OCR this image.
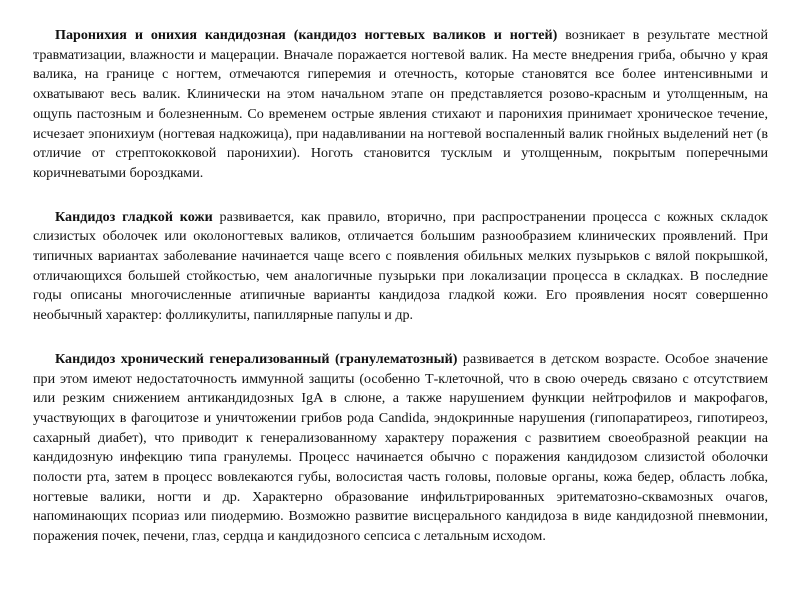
Паронихия и онихия кандидозная (кандидоз ногтевых валиков и ногтей) возникает в результате местной травматизации, влажности и мацерации. Вначале поражается ногтевой валик. На месте внедрения гриба, обычно у края валика, на границе с ногтем, отмечаются гиперемия и отечность, которые становятся все более интенсивными и охватывают весь валик. Клинически на этом начальном этапе он представляется розово-красным и утолщенным, на ощупь пастозным и болезненным. Со временем острые явления стихают и паронихия принимает хроническое течение, исчезает эпонихиум (ногтевая надкожица), при надавливании на ногтевой воспаленный валик гнойных выделений нет (в отличие от стрептококковой паронихии). Ноготь становится тусклым и утолщенным, покрытым поперечными коричневатыми бороздками.

Кандидоз гладкой кожи развивается, как правило, вторично, при распространении процесса с кожных складок слизистых оболочек или околоногтевых валиков, отличается большим разнообразием клинических проявлений. При типичных вариантах заболевание начинается чаще всего с появления обильных мелких пузырьков с вялой покрышкой, отличающихся большей стойкостью, чем аналогичные пузырьки при локализации процесса в складках. В последние годы описаны многочисленные атипичные варианты кандидоза гладкой кожи. Его проявления носят совершенно необычный характер: фолликулиты, папиллярные папулы и др.

Кандидоз хронический генерализованный (гранулематозный) развивается в детском возрасте. Особое значение при этом имеют недостаточность иммунной защиты (особенно Т-клеточной, что в свою очередь связано с отсутствием или резким снижением антикандидозных IgA в слюне, а также нарушением функции нейтрофилов и макрофагов, участвующих в фагоцитозе и уничтожении грибов рода Candida, эндокринные нарушения (гипопаратиреоз, гипотиреоз, сахарный диабет), что приводит к генерализованному характеру поражения с развитием своеобразной реакции на кандидозную инфекцию типа гранулемы. Процесс начинается обычно с поражения кандидозом слизистой оболочки полости рта, затем в процесс вовлекаются губы, волосистая часть головы, половые органы, кожа бедер, область лобка, ногтевые валики, ногти и др. Характерно образование инфильтрированных эритематозно-сквамозных очагов, напоминающих псориаз или пиодермию. Возможно развитие висцерального кандидоза в виде кандидозной пневмонии, поражения почек, печени, глаз, сердца и кандидозного сепсиса с летальным исходом.
